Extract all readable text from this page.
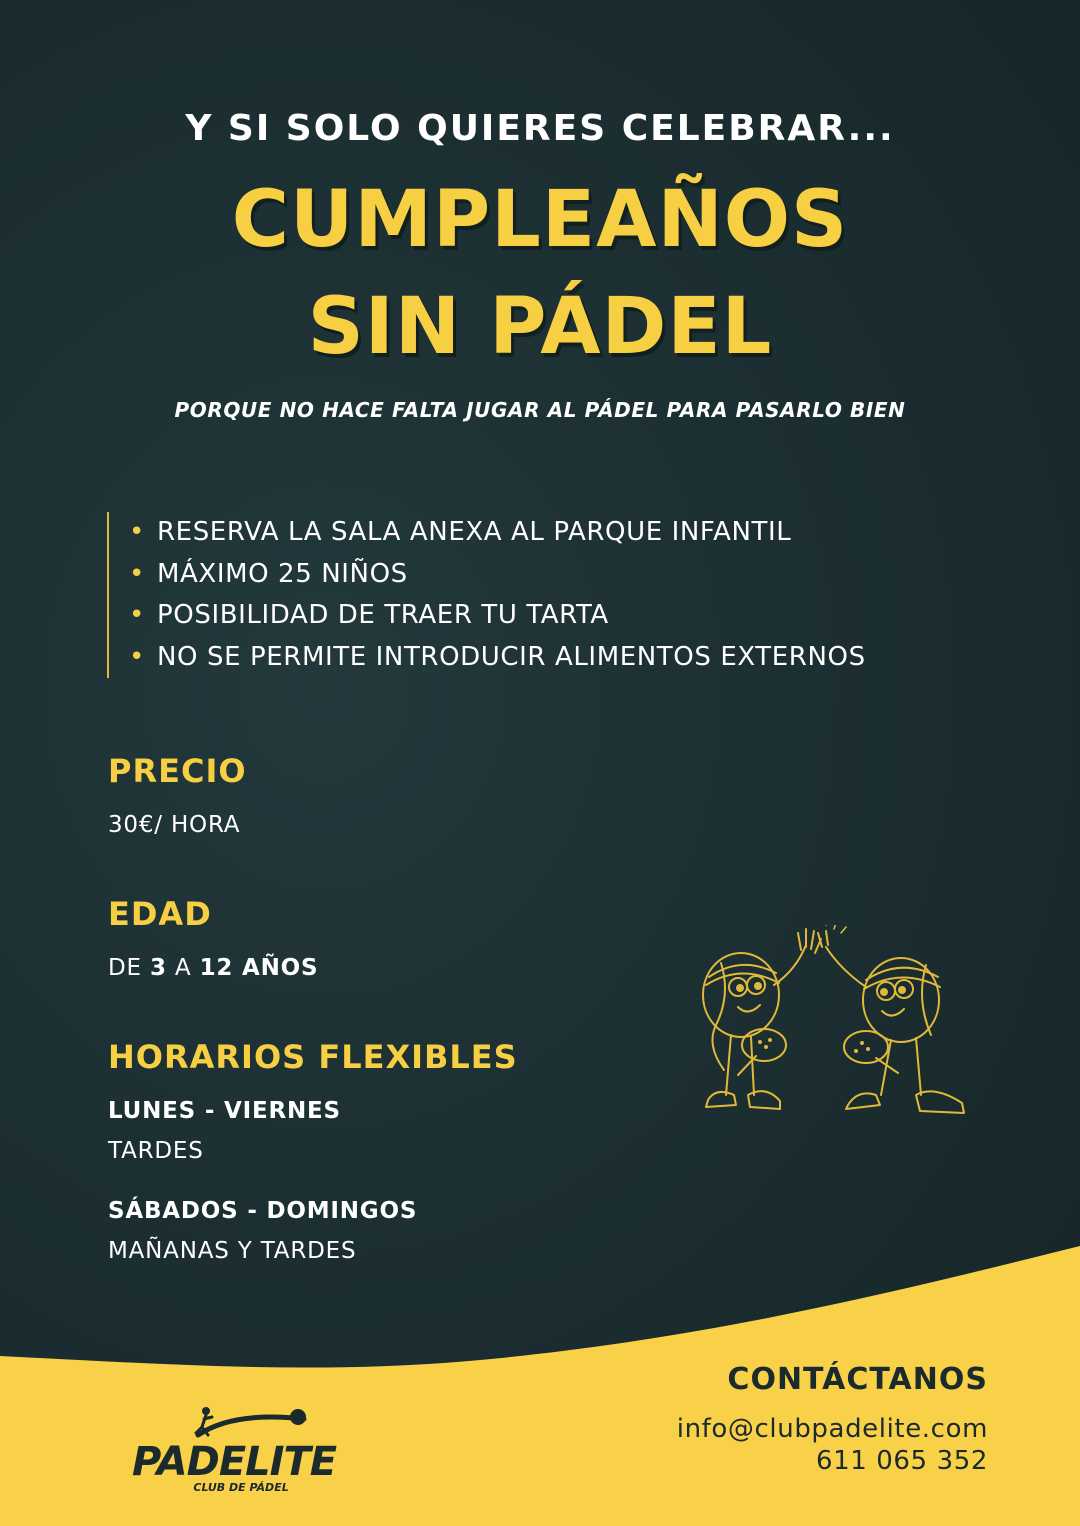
Y SI SOLO QUIERES CELEBRAR...
CUMPLEAÑOS
SIN PÁDEL
PORQUE NO HACE FALTA JUGAR AL PÁDEL PARA PASARLO BIEN
• RESERVA LA SALA ANEXA AL PARQUE INFANTIL
• MÁXIMO 25 NIÑOS
• POSIBILIDAD DE TRAER TU TARTA
• NO SE PERMITE INTRODUCIR ALIMENTOS EXTERNOS
PRECIO
30€/ HORA
EDAD
DE 3 A 12 AÑOS
HORARIOS FLEXIBLES
LUNES - VIERNES
TARDES
SÁBADOS - DOMINGOS
MAÑANAS Y TARDES
CONTÁCTANOS
info@clubpadelite.com
611 065 352
PADELITE
CLUB DE PÁDEL
